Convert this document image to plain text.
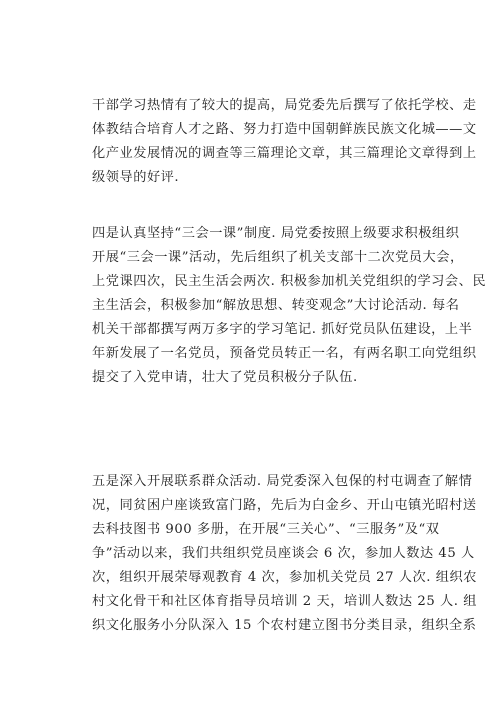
干部学习热情有了较大的提高，局党委先后撰写了依托学校、走
体教结合培育人才之路、努力打造中国朝鲜族民族文化城——文
化产业发展情况的调查等三篇理论文章，其三篇理论文章得到上
级领导的好评.
四是认真坚持“三会一课”制度. 局党委按照上级要求积极组织
开展“三会一课”活动，先后组织了机关支部十二次党员大会，
上党课四次，民主生活会两次. 积极参加机关党组织的学习会、民
主生活会，积极参加“解放思想、转变观念”大讨论活动. 每名
机关干部都撰写两万多字的学习笔记. 抓好党员队伍建设，上半
年新发展了一名党员，预备党员转正一名，有两名职工向党组织
提交了入党申请，壮大了党员积极分子队伍.
五是深入开展联系群众活动. 局党委深入包保的村屯调查了解情
况，同贫困户座谈致富门路，先后为白金乡、开山屯镇光昭村送
去科技图书 900 多册，在开展“三关心”、“三服务”及“双
争”活动以来，我们共组织党员座谈会 6 次，参加人数达 45 人
次，组织开展荣辱观教育 4 次，参加机关党员 27 人次. 组织农
村文化骨干和社区体育指导员培训 2 天，培训人数达 25 人. 组
织文化服务小分队深入 15 个农村建立图书分类目录，组织全系
